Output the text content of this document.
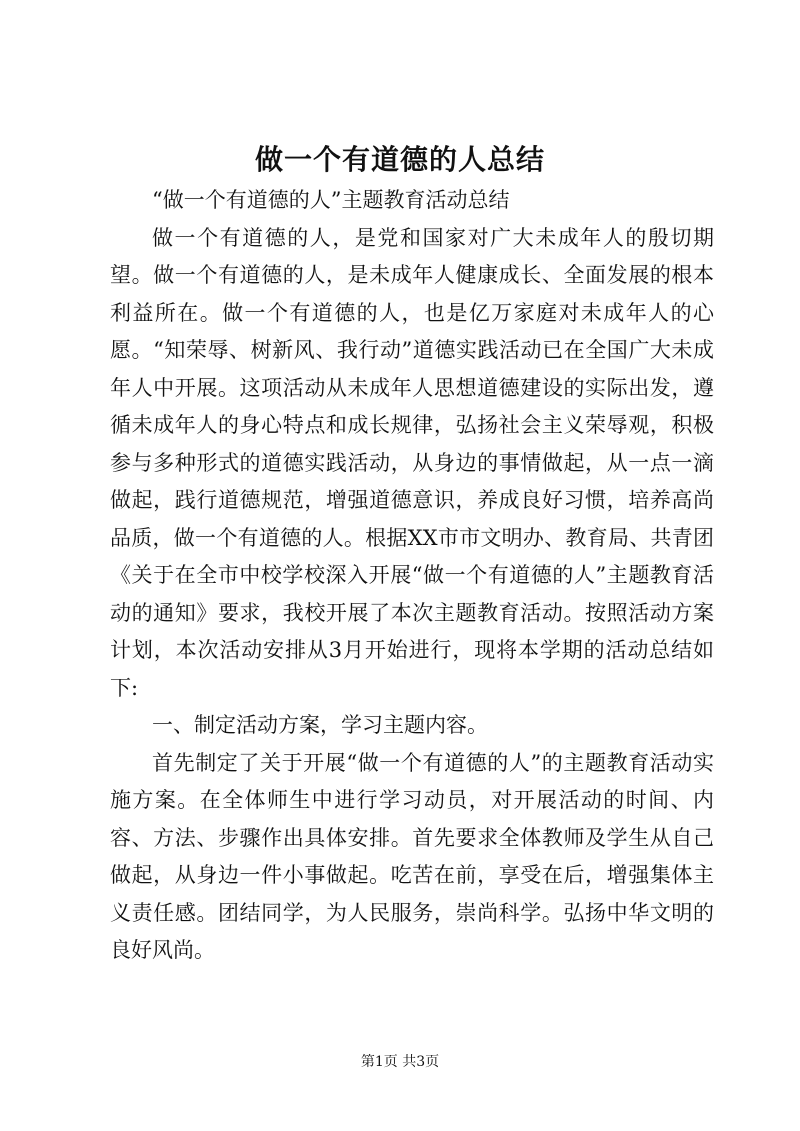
做一个有道德的人总结

“做一个有道德的人”主题教育活动总结

做一个有道德的人，是党和国家对广大未成年人的殷切期望。做一个有道德的人，是未成年人健康成长、全面发展的根本利益所在。做一个有道德的人，也是亿万家庭对未成年人的心愿。“知荣辱、树新风、我行动”道德实践活动已在全国广大未成年人中开展。这项活动从未成年人思想道德建设的实际出发，遵循未成年人的身心特点和成长规律，弘扬社会主义荣辱观，积极参与多种形式的道德实践活动，从身边的事情做起，从一点一滴做起，践行道德规范，增强道德意识，养成良好习惯，培养高尚品质，做一个有道德的人。根据XX市市文明办、教育局、共青团《关于在全市中校学校深入开展“做一个有道德的人”主题教育活动的通知》要求，我校开展了本次主题教育活动。按照活动方案计划，本次活动安排从3月开始进行，现将本学期的活动总结如下:

一、制定活动方案，学习主题内容。

首先制定了关于开展“做一个有道德的人”的主题教育活动实施方案。在全体师生中进行学习动员，对开展活动的时间、内容、方法、步骤作出具体安排。首先要求全体教师及学生从自己做起，从身边一件小事做起。吃苦在前，享受在后，增强集体主义责任感。团结同学，为人民服务，崇尚科学。弘扬中华文明的良好风尚。

第1页 共3页
